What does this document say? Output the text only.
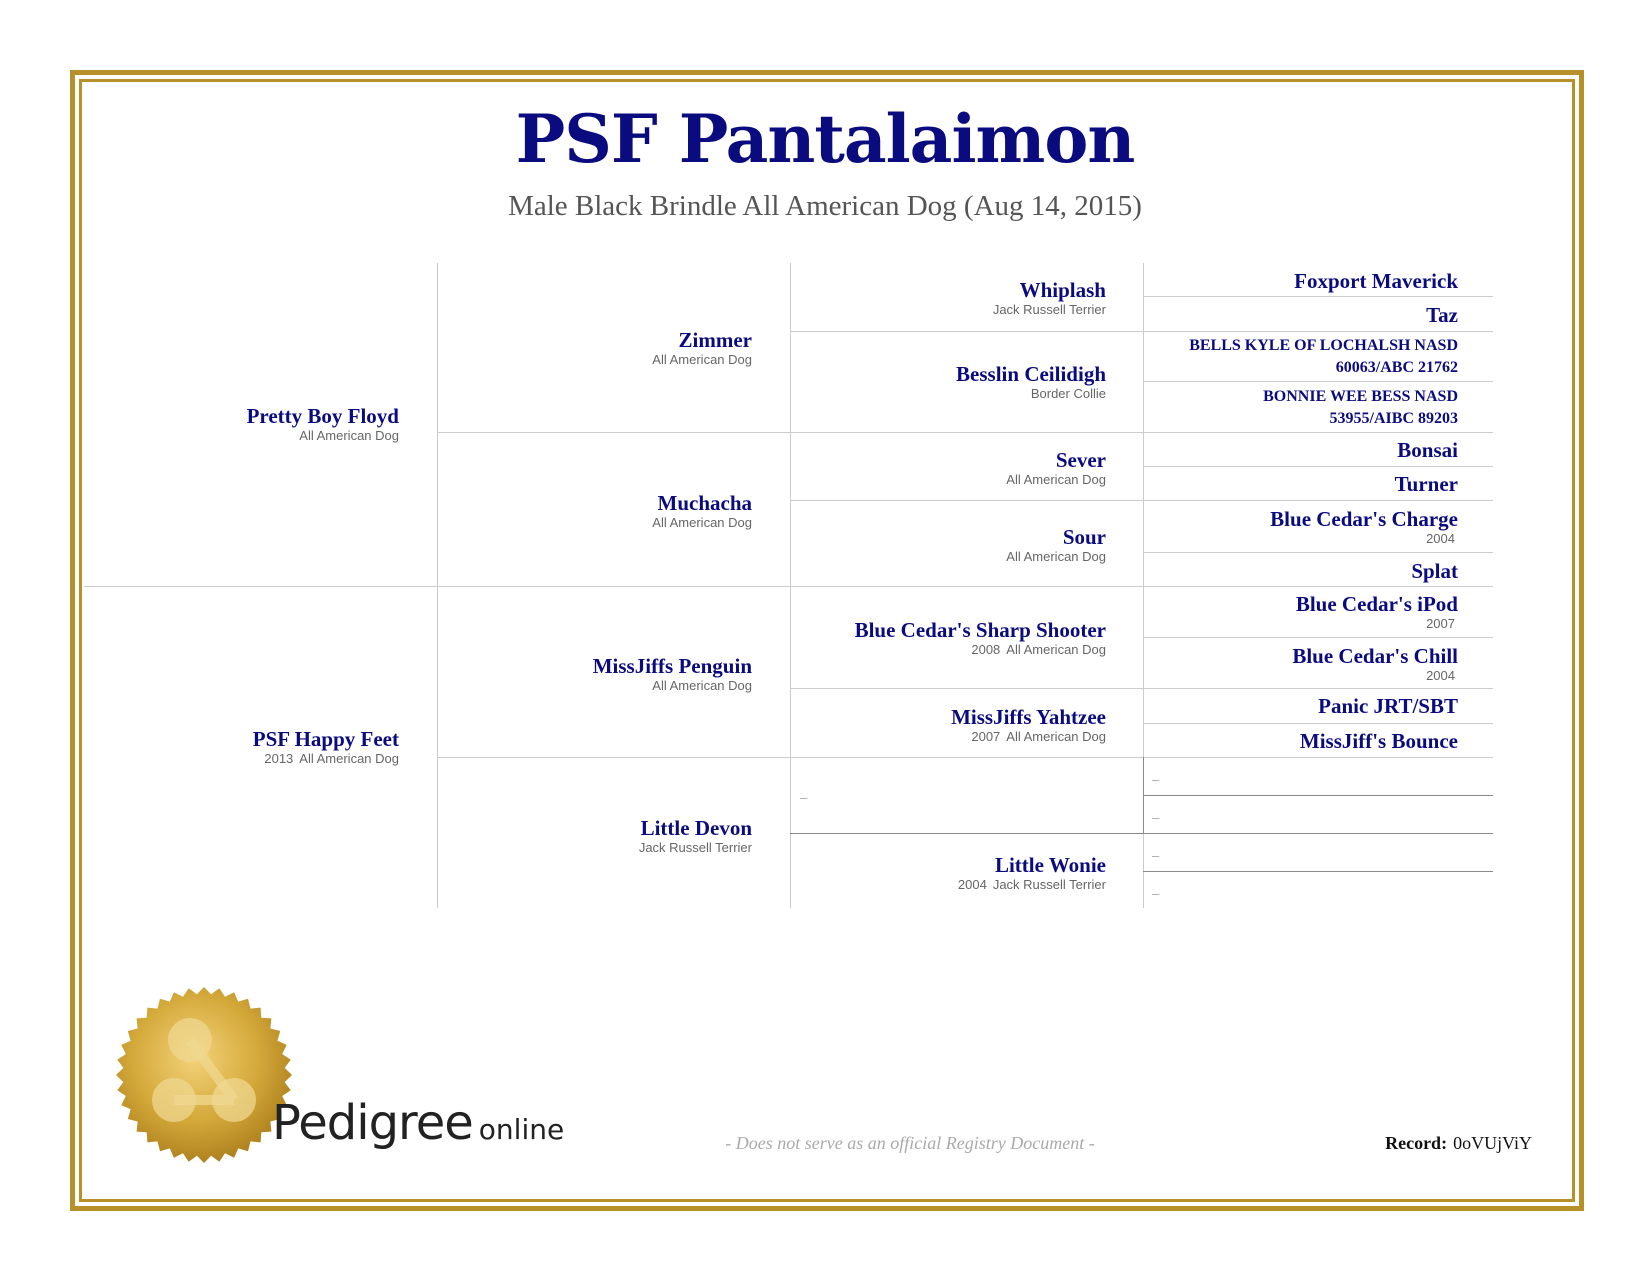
PSF Pantalaimon
Male Black Brindle All American Dog (Aug 14, 2015)
Pretty Boy Floyd
All American Dog
PSF Happy Feet
2013 All American Dog
Zimmer
All American Dog
Muchacha
All American Dog
MissJiffs Penguin
All American Dog
Little Devon
Jack Russell Terrier
Whiplash
Jack Russell Terrier
Besslin Ceilidigh
Border Collie
Sever
All American Dog
Sour
All American Dog
Blue Cedar's Sharp Shooter
2008 All American Dog
MissJiffs Yahtzee
2007 All American Dog
–
Little Wonie
2004 Jack Russell Terrier
Foxport Maverick
Taz
BELLS KYLE OF LOCHALSH NASD 60063/ABC 21762
BONNIE WEE BESS NASD 53955/AIBC 89203
Bonsai
Turner
Blue Cedar's Charge
2004
Splat
Blue Cedar's iPod
2007
Blue Cedar's Chill
2004
Panic JRT/SBT
MissJiff's Bounce
–
–
–
–
Pedigree online	- Does not serve as an official Registry Document -	Record: 0oVUjViY
